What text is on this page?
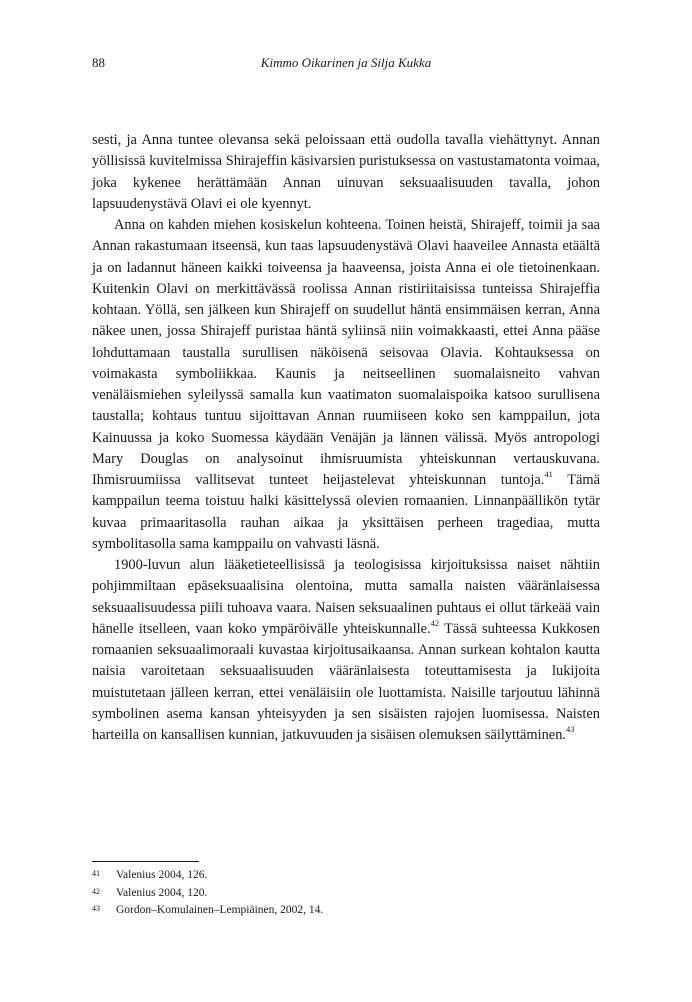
88	Kimmo Oikarinen ja Silja Kukka

sesti, ja Anna tuntee olevansa sekä peloissaan että oudolla tavalla viehättynyt. Annan yöllisissä kuvitelmissa Shirajeffin käsivarsien puristuksessa on vastustamatonta voimaa, joka kykenee herättämään Annan uinuvan seksuaalisuuden tavalla, johon lapsuudenystävä Olavi ei ole kyennyt.

Anna on kahden miehen kosiskelun kohteena. Toinen heistä, Shirajeff, toimii ja saa Annan rakastumaan itseensä, kun taas lapsuudenystävä Olavi haaveilee Annasta etäältä ja on ladannut häneen kaikki toiveensa ja haaveensa, joista Anna ei ole tietoinenkaan. Kuitenkin Olavi on merkittävässä roolissa Annan ristiriitaisissa tunteissa Shirajeffia kohtaan. Yöllä, sen jälkeen kun Shirajeff on suudellut häntä ensimmäisen kerran, Anna näkee unen, jossa Shirajeff puristaa häntä syliinsä niin voimakkaasti, ettei Anna pääse lohduttamaan taustalla surullisen näköisenä seisovaa Olavia. Kohtauksessa on voimakasta symboliikkaa. Kaunis ja neitseellinen suomalaisneito vahvan venäläismiehen syleilyssä samalla kun vaatimaton suomalaispoika katsoo surullisena taustalla; kohtaus tuntuu sijoittavan Annan ruumiiseen koko sen kamppailun, jota Kainuussa ja koko Suomessa käydään Venäjän ja lännen välissä. Myös antropologi Mary Douglas on analysoinut ihmisruumista yhteiskunnan vertauskuvana. Ihmisruumiissa vallitsevat tunteet heijastelevat yhteiskunnan tuntoja.$^{41}$ Tämä kamppailun teema toistuu halki käsittelyssä olevien romaanien. Linnanpäällikön tytär kuvaa primaaritasolla rauhan aikaa ja yksittäisen perheen tragediaa, mutta symbolitasolla sama kamppailu on vahvasti läsnä.

1900-luvun alun lääketieteellisissä ja teologisissa kirjoituksissa naiset nähtiin pohjimmiltaan epäseksuaalisina olentoina, mutta samalla naisten vääränlaisessa seksuaalisuudessa piili tuhoava vaara. Naisen seksuaalinen puhtaus ei ollut tärkeää vain hänelle itselleen, vaan koko ympäröivälle yhteiskunnalle.$^{42}$ Tässä suhteessa Kukkosen romaanien seksuaalimoraali kuvastaa kirjoitusaikaansa. Annan surkean kohtalon kautta naisia varoitetaan seksuaalisuuden vääränlaisesta toteuttamisesta ja lukijoita muistutetaan jälleen kerran, ettei venäläisiin ole luottamista. Naisille tarjoutuu lähinnä symbolinen asema kansan yhteisyyden ja sen sisäisten rajojen luomisessa. Naisten harteilla on kansallisen kunnian, jatkuvuuden ja sisäisen olemuksen säilyttäminen.$^{43}$

41 Valenius 2004, 126.
42 Valenius 2004, 120.
43 Gordon–Komulainen–Lempiäinen, 2002, 14.
